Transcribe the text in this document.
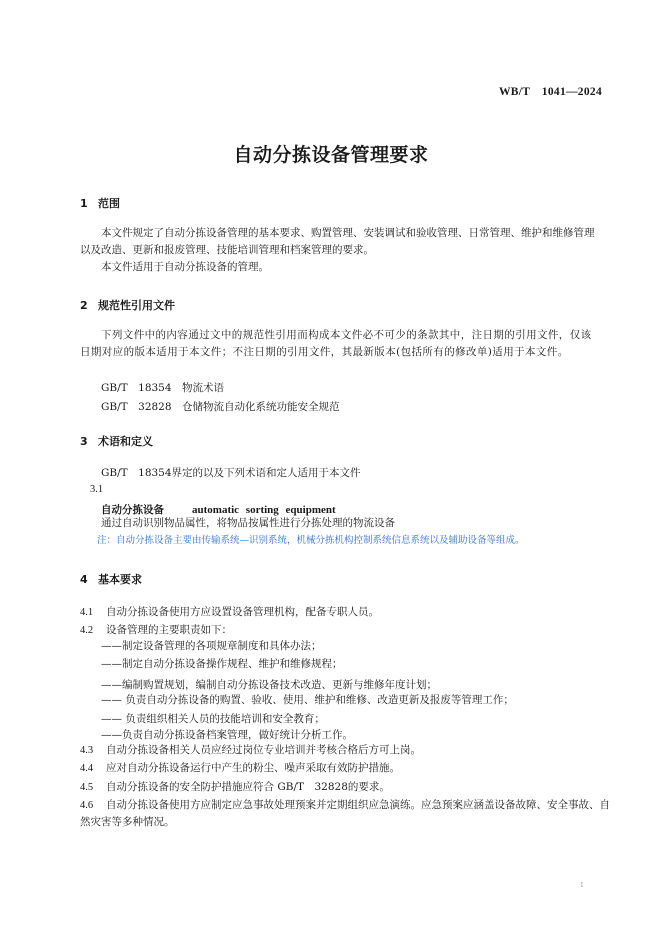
WB/T　1041—2024
自动分拣设备管理要求
1 范围
本文件规定了自动分拣设备管理的基本要求、购置管理、安装调试和验收管理、日常管理、维护和维修管理以及改造、更新和报废管理、技能培训管理和档案管理的要求。
本文件适用于自动分拣设备的管理。
2 规范性引用文件
下列文件中的内容通过文中的规范性引用而构成本文件必不可少的条款其中，注日期的引用文件，仅该日期对应的版本适用于本文件；不注日期的引用文件，其最新版本(包括所有的修改单)适用于本文件。
GB/T　18354　物流术语
GB/T　32828　仓储物流自动化系统功能安全规范
3 术语和定义
GB/T　18354界定的以及下列术语和定人适用于本文件
3.1
自动分拣设备	automatic sorting equipment
通过自动识别物品属性，将物品按属性进行分拣处理的物流设备
注：自动分拣设备主要由传输系统—识别系统，机械分拣机构控制系统信息系统以及辅助设备等组成。
4 基本要求
4.1 自动分拣设备使用方应设置设备管理机构，配备专职人员。
4.2 设备管理的主要职责如下：
——制定设备管理的各项规章制度和具体办法；
——制定自动分拣设备操作规程、维护和维修规程；
——编制购置规划，编制自动分拣设备技术改造、更新与维修年度计划；
—— 负责自动分拣设备的购置、验收、使用、维护和维修、改造更新及报废等管理工作；
—— 负责组织相关人员的技能培训和安全教育；
——负责自动分拣设备档案管理，做好统计分析工作。
4.3 自动分拣设备相关人员应经过岗位专业培训并考核合格后方可上岗。
4.4 应对自动分拣设备运行中产生的粉尘、噪声采取有效防护措施。
4.5 自动分拣设备的安全防护措施应符合 GB/T　32828的要求。
4.6 自动分拣设备使用方应制定应急事故处理预案并定期组织应急演练。应急预案应涵盖设备故障、安全事故、自然灾害等多种情况。
1
